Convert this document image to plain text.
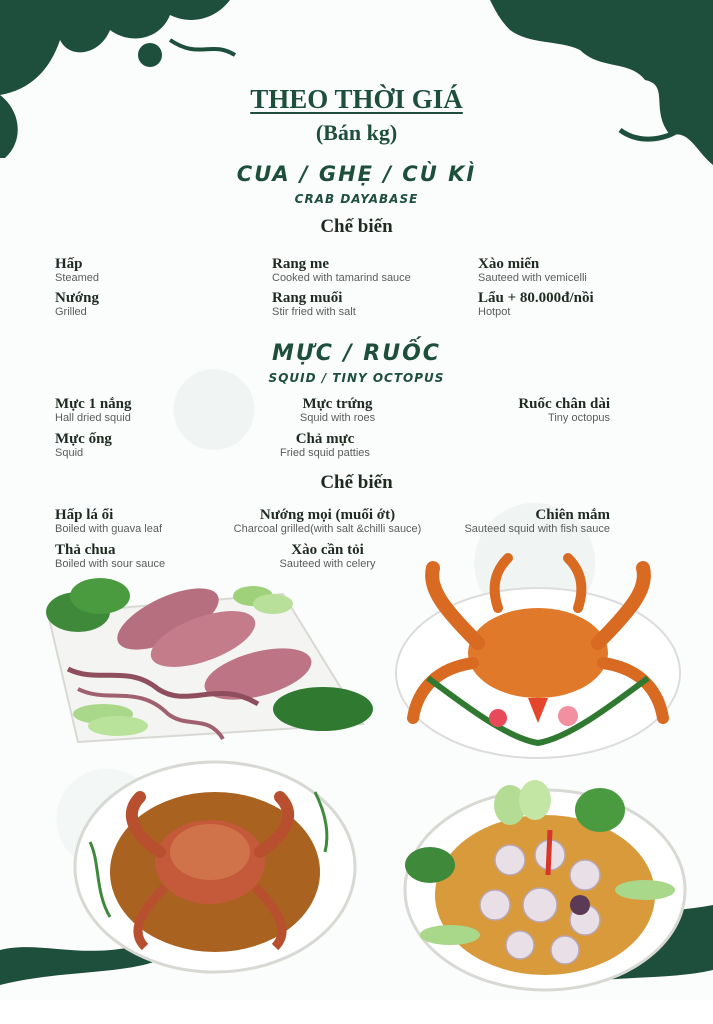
THEO THỜI GIÁ
(Bán kg)
CUA / GHẸ / CÙ KÌ
CRAB DAYABASE
Chế biến
Hấp
Steamed
Nướng
Grilled
Rang me
Cooked with tamarind sauce
Rang muối
Stir fried with salt
Xào miến
Sauteed with vemicelli
Lẩu + 80.000đ/nồi
Hotpot
MỰC / RUỐC
SQUID / TINY OCTOPUS
Mực 1 nắng
Hall dried squid
Mực ống
Squid
Mực trứng
Squid with roes
Chả mực
Fried squid patties
Ruốc chân dài
Tiny octopus
Chế biến
Hấp lá ổi
Boiled with guava leaf
Thả chua
Boiled with sour sauce
Nướng mọi (muối ớt)
Charcoal grilled(with salt &chilli sauce)
Xào cần tỏi
Sauteed with celery
Chiên mắm
Sauteed squid with fish sauce
